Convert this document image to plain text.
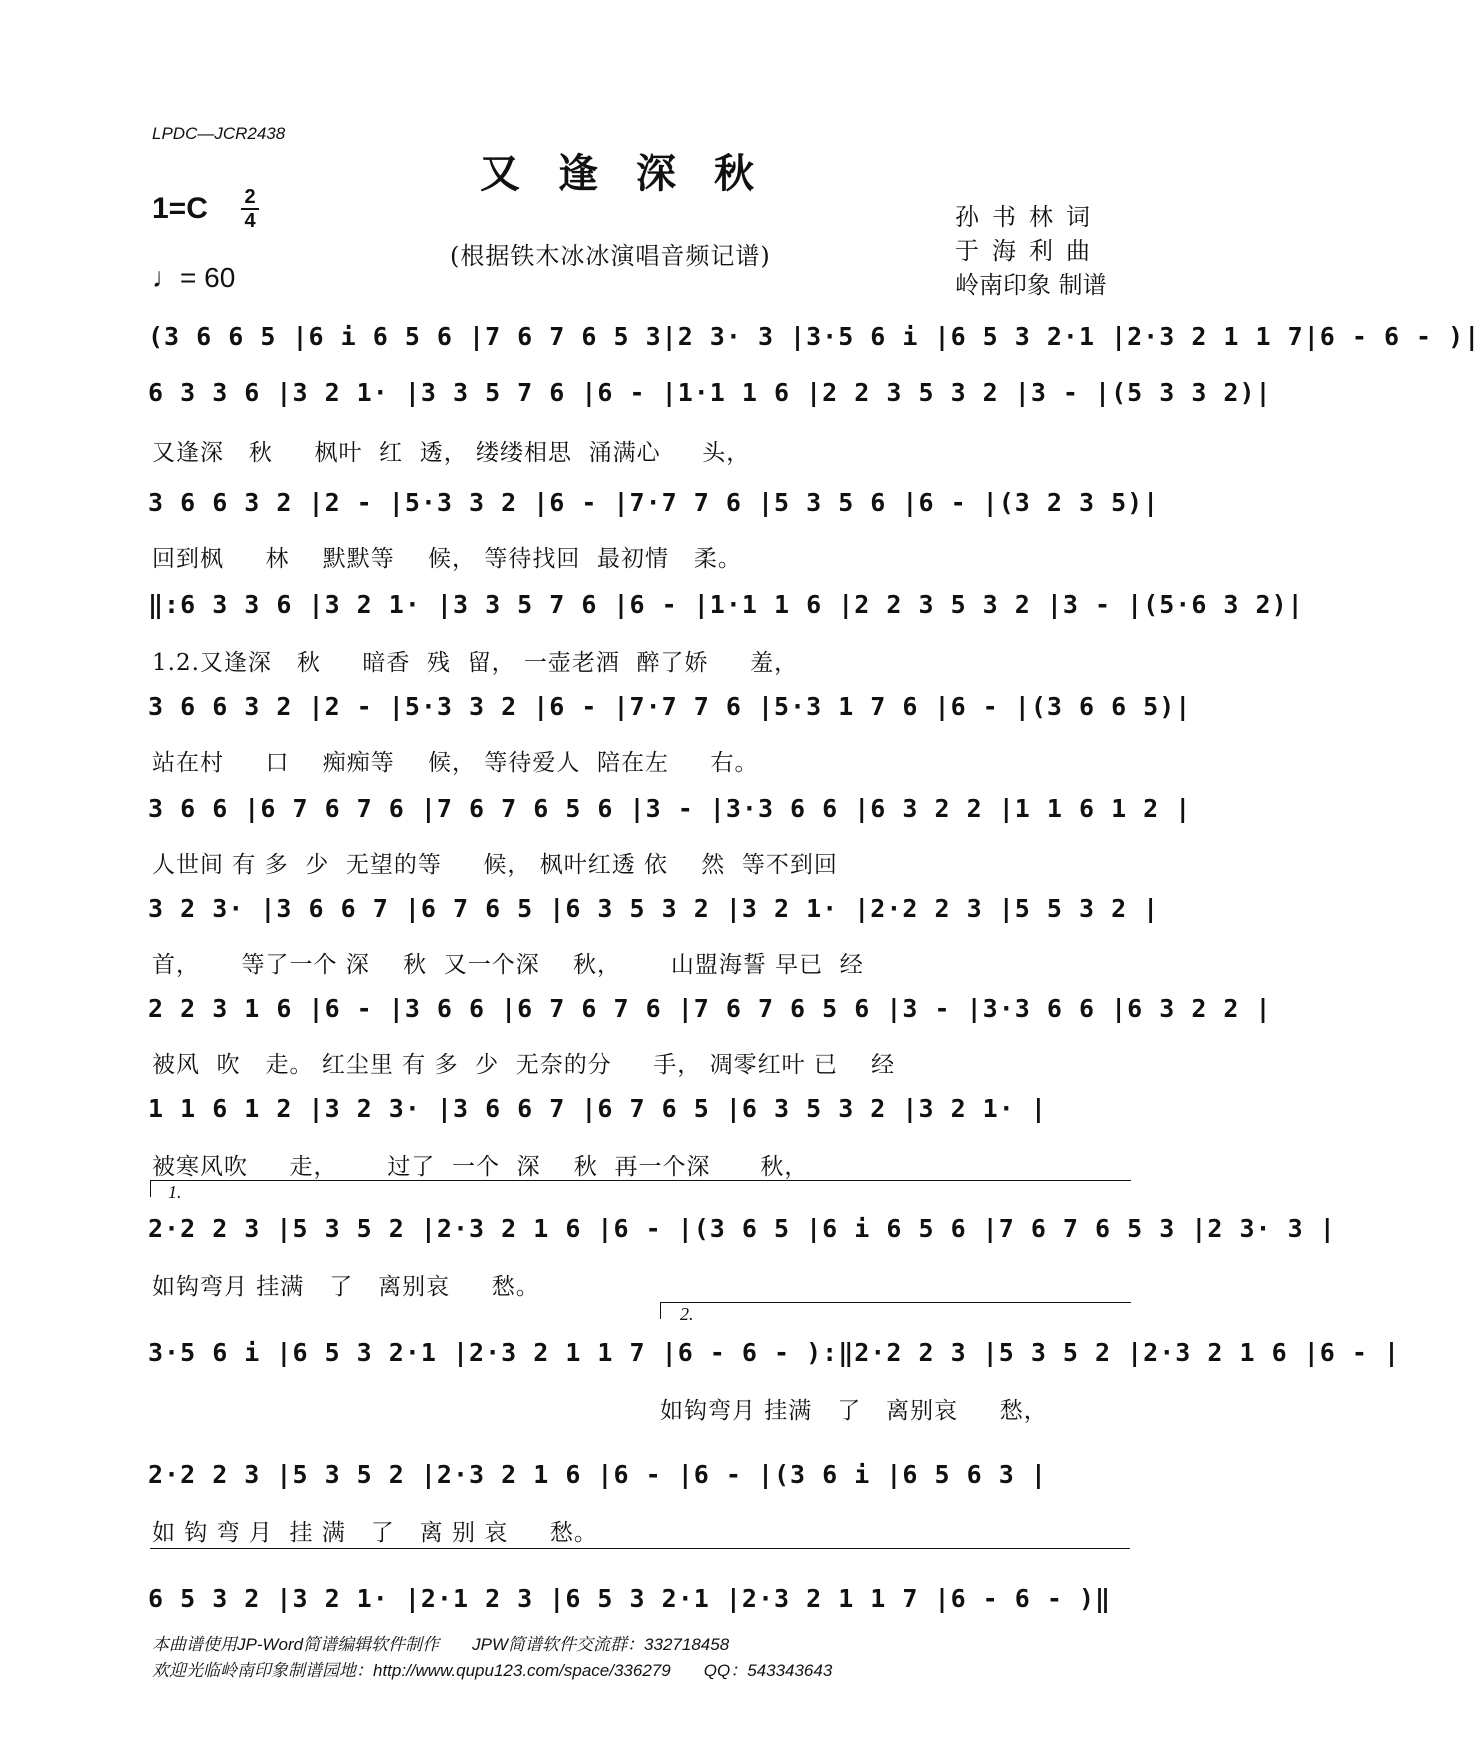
LPDC—JCR2438
又逢深秋
1=C 2
4
♩= 60
(根据铁木冰冰演唱音频记谱)
孙书林词
于海利曲
岭南印象 制谱
(3 6 6 5 |6 i 6 5 6 |7 6 7 6 5 3|2 3· 3 |3·5 6 i |6 5 3 2·1 |2·3 2 1 1 7|6 - 6 - )|
6 3 3 6 |3 2 1· |3 3 5 7 6 |6 - |1·1 1 6 |2 2 3 5 3 2 |3 - |(5 3 3 2)|
又逢深   秋     枫叶  红  透， 缕缕相思  涌满心     头，
3 6 6 3 2 |2 - |5·3 3 2 |6 - |7·7 7 6 |5 3 5 6 |6 - |(3 2 3 5)|
回到枫     林    默默等    候， 等待找回  最初情   柔。
‖:6 3 3 6 |3 2 1· |3 3 5 7 6 |6 - |1·1 1 6 |2 2 3 5 3 2 |3 - |(5·6 3 2)|
1.2.又逢深   秋     暗香  残  留， 一壶老酒  醉了娇     羞，
3 6 6 3 2 |2 - |5·3 3 2 |6 - |7·7 7 6 |5·3 1 7 6 |6 - |(3 6 6 5)|
站在村     口    痴痴等    候， 等待爱人  陪在左     右。
3 6 6 |6 7 6 7 6 |7 6 7 6 5 6 |3 - |3·3 6 6 |6 3 2 2 |1 1 6 1 2 |
人世间 有 多  少  无望的等     候， 枫叶红透 依    然  等不到回
3 2 3· |3 6 6 7 |6 7 6 5 |6 3 5 3 2 |3 2 1· |2·2 2 3 |5 5 3 2 |
首，     等了一个 深    秋  又一个深    秋，      山盟海誓 早已  经
2 2 3 1 6 |6 - |3 6 6 |6 7 6 7 6 |7 6 7 6 5 6 |3 - |3·3 6 6 |6 3 2 2 |
被风  吹   走。 红尘里 有 多  少  无奈的分     手， 凋零红叶 已    经
1 1 6 1 2 |3 2 3· |3 6 6 7 |6 7 6 5 |6 3 5 3 2 |3 2 1· |
被寒风吹     走，      过了  一个  深    秋  再一个深      秋，
1.
2·2 2 3 |5 3 5 2 |2·3 2 1 6 |6 - |(3 6 5 |6 i 6 5 6 |7 6 7 6 5 3 |2 3· 3 |
如钩弯月 挂满   了   离别哀     愁。
2.
3·5 6 i |6 5 3 2·1 |2·3 2 1 1 7 |6 - 6 - ):‖2·2 2 3 |5 3 5 2 |2·3 2 1 6 |6 - |
如钩弯月 挂满   了   离别哀     愁，
2·2 2 3 |5 3 5 2 |2·3 2 1 6 |6 - |6 - |(3 6 i |6 5 6 3 |
如 钩 弯 月  挂 满   了   离 别 哀     愁。
6 5 3 2 |3 2 1· |2·1 2 3 |6 5 3 2·1 |2·3 2 1 1 7 |6 - 6 - )‖
本曲谱使用JP-Word简谱编辑软件制作       JPW简谱软件交流群：332718458
欢迎光临岭南印象制谱园地：http://www.qupu123.com/space/336279       QQ：543343643
